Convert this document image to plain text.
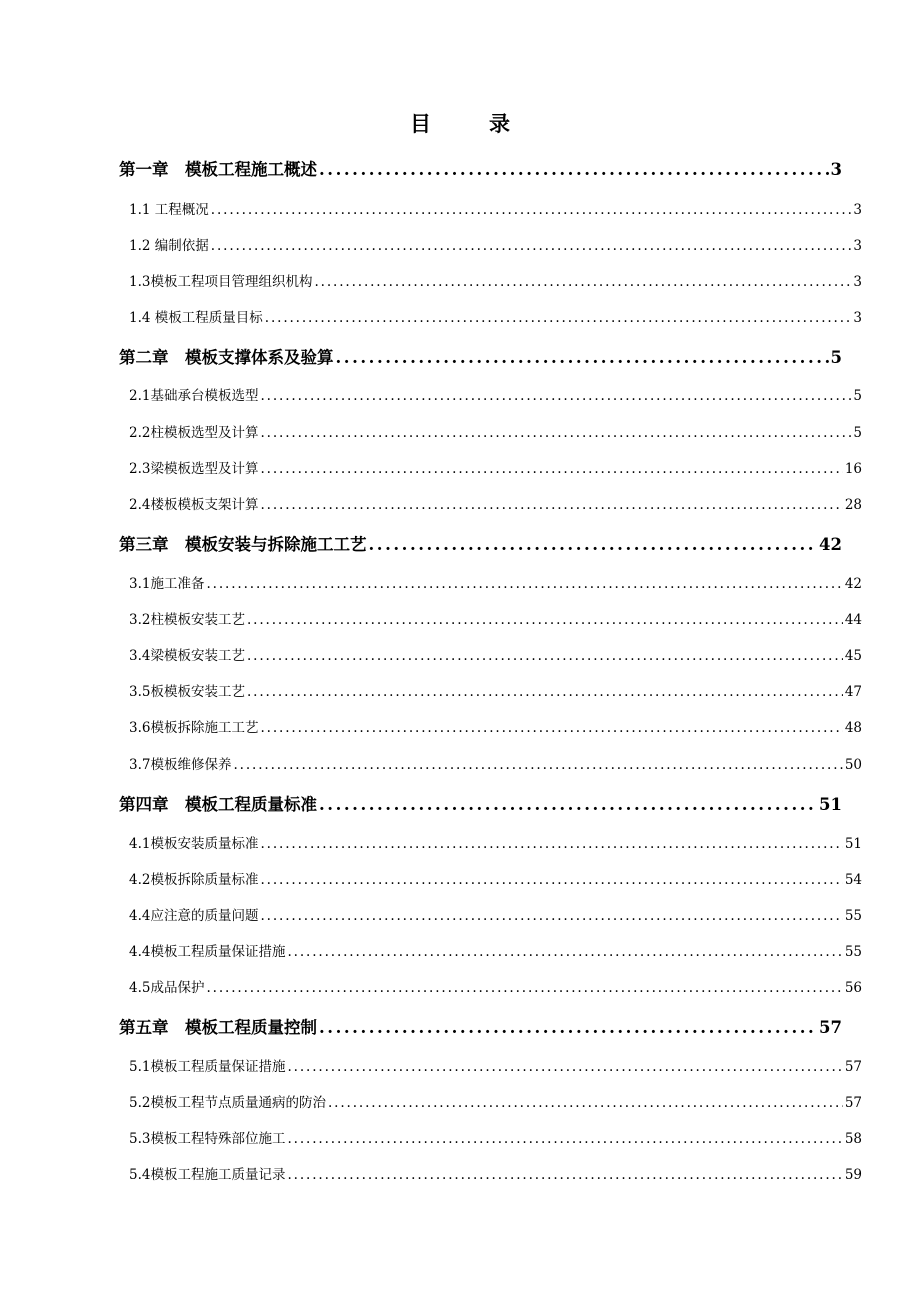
目	录
第一章　模板工程施工概述 . . .	3
1.1 工程概况 . . .	3
1.2 编制依据 . . .	3
1.3模板工程项目管理组织机构 . . .	3
1.4 模板工程质量目标 . . .	3
第二章　模板支撑体系及验算 . . .	5
2.1基础承台模板选型 . . .	5
2.2柱模板选型及计算 . . .	5
2.3梁模板选型及计算 . . .	16
2.4楼板模板支架计算 . . .	28
第三章　模板安装与拆除施工工艺 . . .	42
3.1施工准备 . . .	42
3.2柱模板安装工艺 . . .	44
3.4梁模板安装工艺 . . .	45
3.5板模板安装工艺 . . .	47
3.6模板拆除施工工艺 . . .	48
3.7模板维修保养 . . .	50
第四章　模板工程质量标准 . . .	51
4.1模板安装质量标准 . . .	51
4.2模板拆除质量标准 . . .	54
4.4应注意的质量问题 . . .	55
4.4模板工程质量保证措施 . . .	55
4.5成品保护 . . .	56
第五章　模板工程质量控制 . . .	57
5.1模板工程质量保证措施 . . .	57
5.2模板工程节点质量通病的防治 . . .	57
5.3模板工程特殊部位施工 . . .	58
5.4模板工程施工质量记录 . . .	59
